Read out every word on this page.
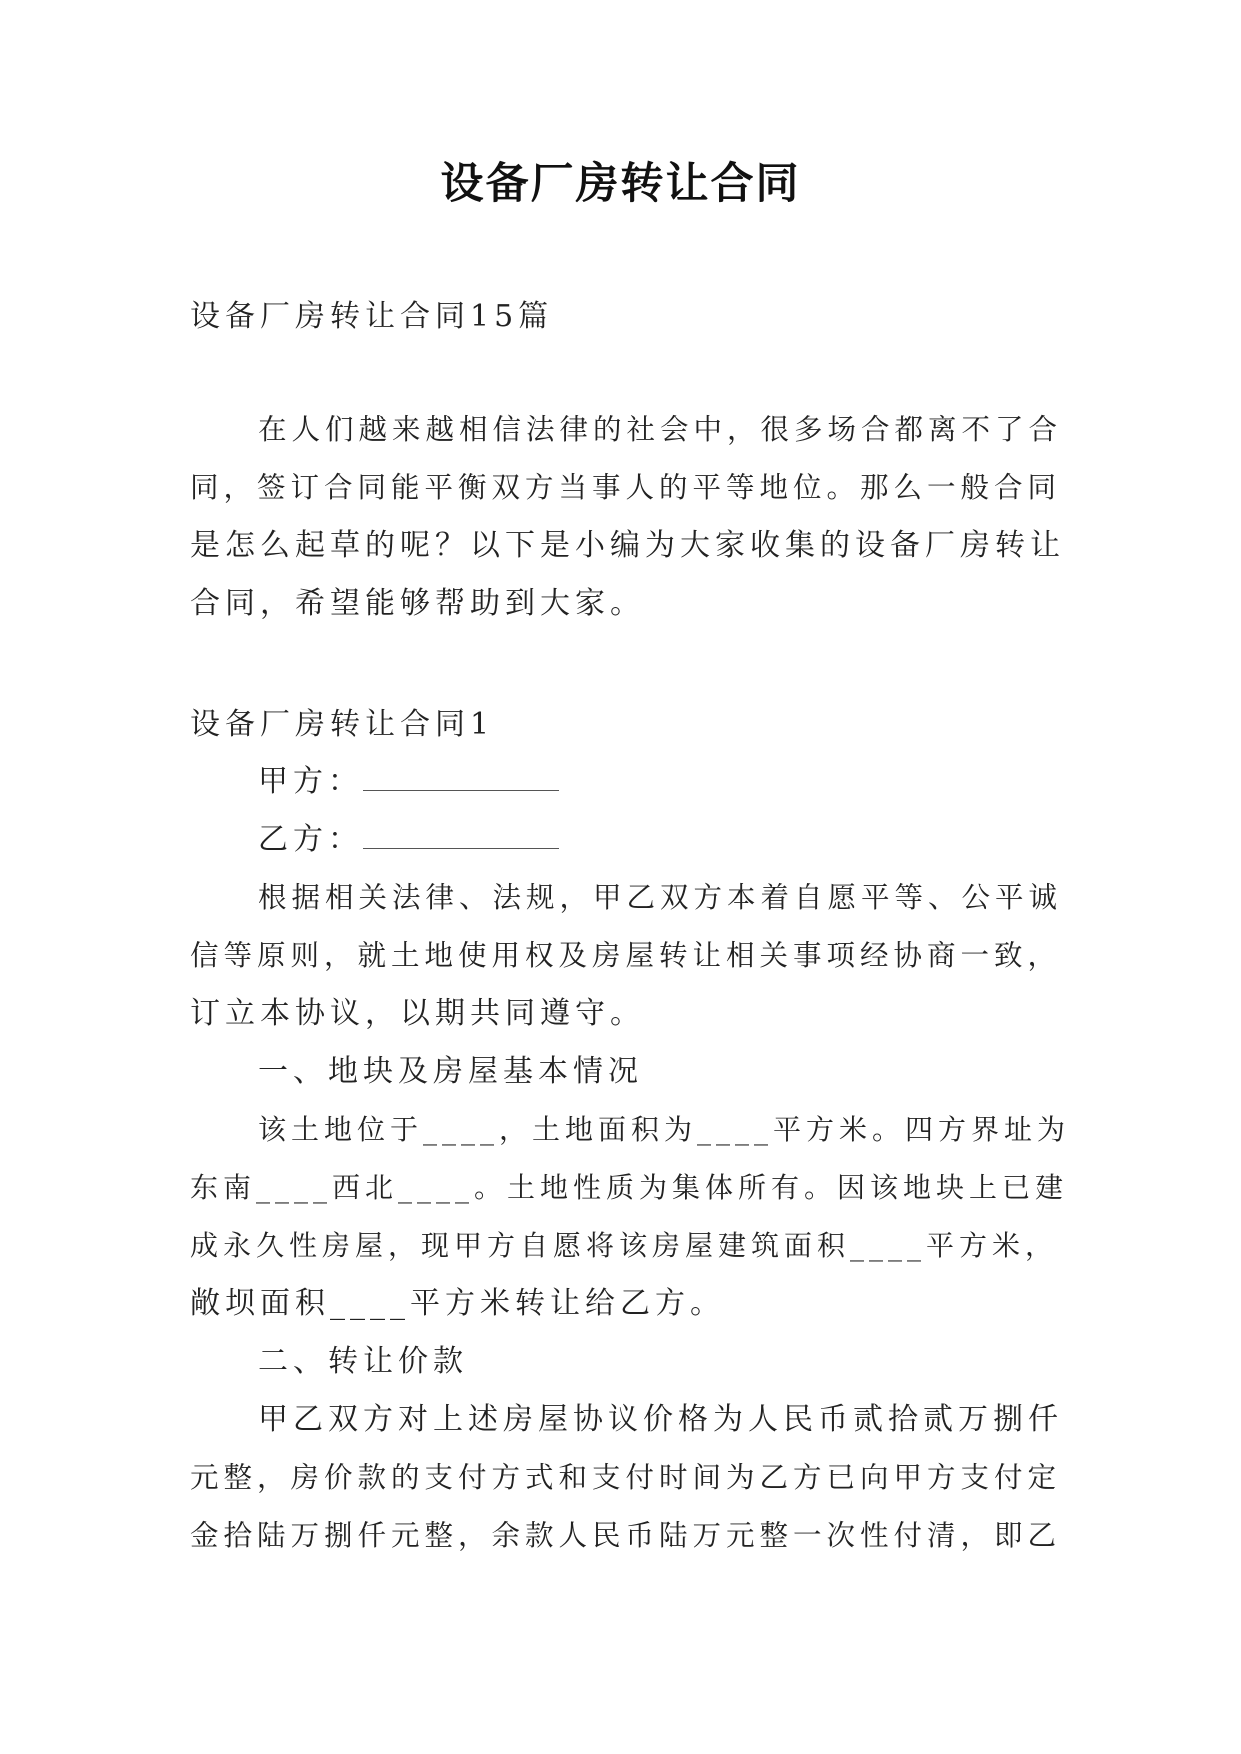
设备厂房转让合同
设备厂房转让合同15篇
在人们越来越相信法律的社会中，很多场合都离不了合
同，签订合同能平衡双方当事人的平等地位。那么一般合同
是怎么起草的呢？以下是小编为大家收集的设备厂房转让
合同，希望能够帮助到大家。
设备厂房转让合同1
甲方：
乙方：
根据相关法律、法规，甲乙双方本着自愿平等、公平诚
信等原则，就土地使用权及房屋转让相关事项经协商一致，
订立本协议，以期共同遵守。
一、地块及房屋基本情况
该土地位于____，土地面积为____平方米。四方界址为
东南____西北____。土地性质为集体所有。因该地块上已建
成永久性房屋，现甲方自愿将该房屋建筑面积____平方米，
敞坝面积____平方米转让给乙方。
二、转让价款
甲乙双方对上述房屋协议价格为人民币贰拾贰万捌仟
元整，房价款的支付方式和支付时间为乙方已向甲方支付定
金拾陆万捌仟元整，余款人民币陆万元整一次性付清，即乙
